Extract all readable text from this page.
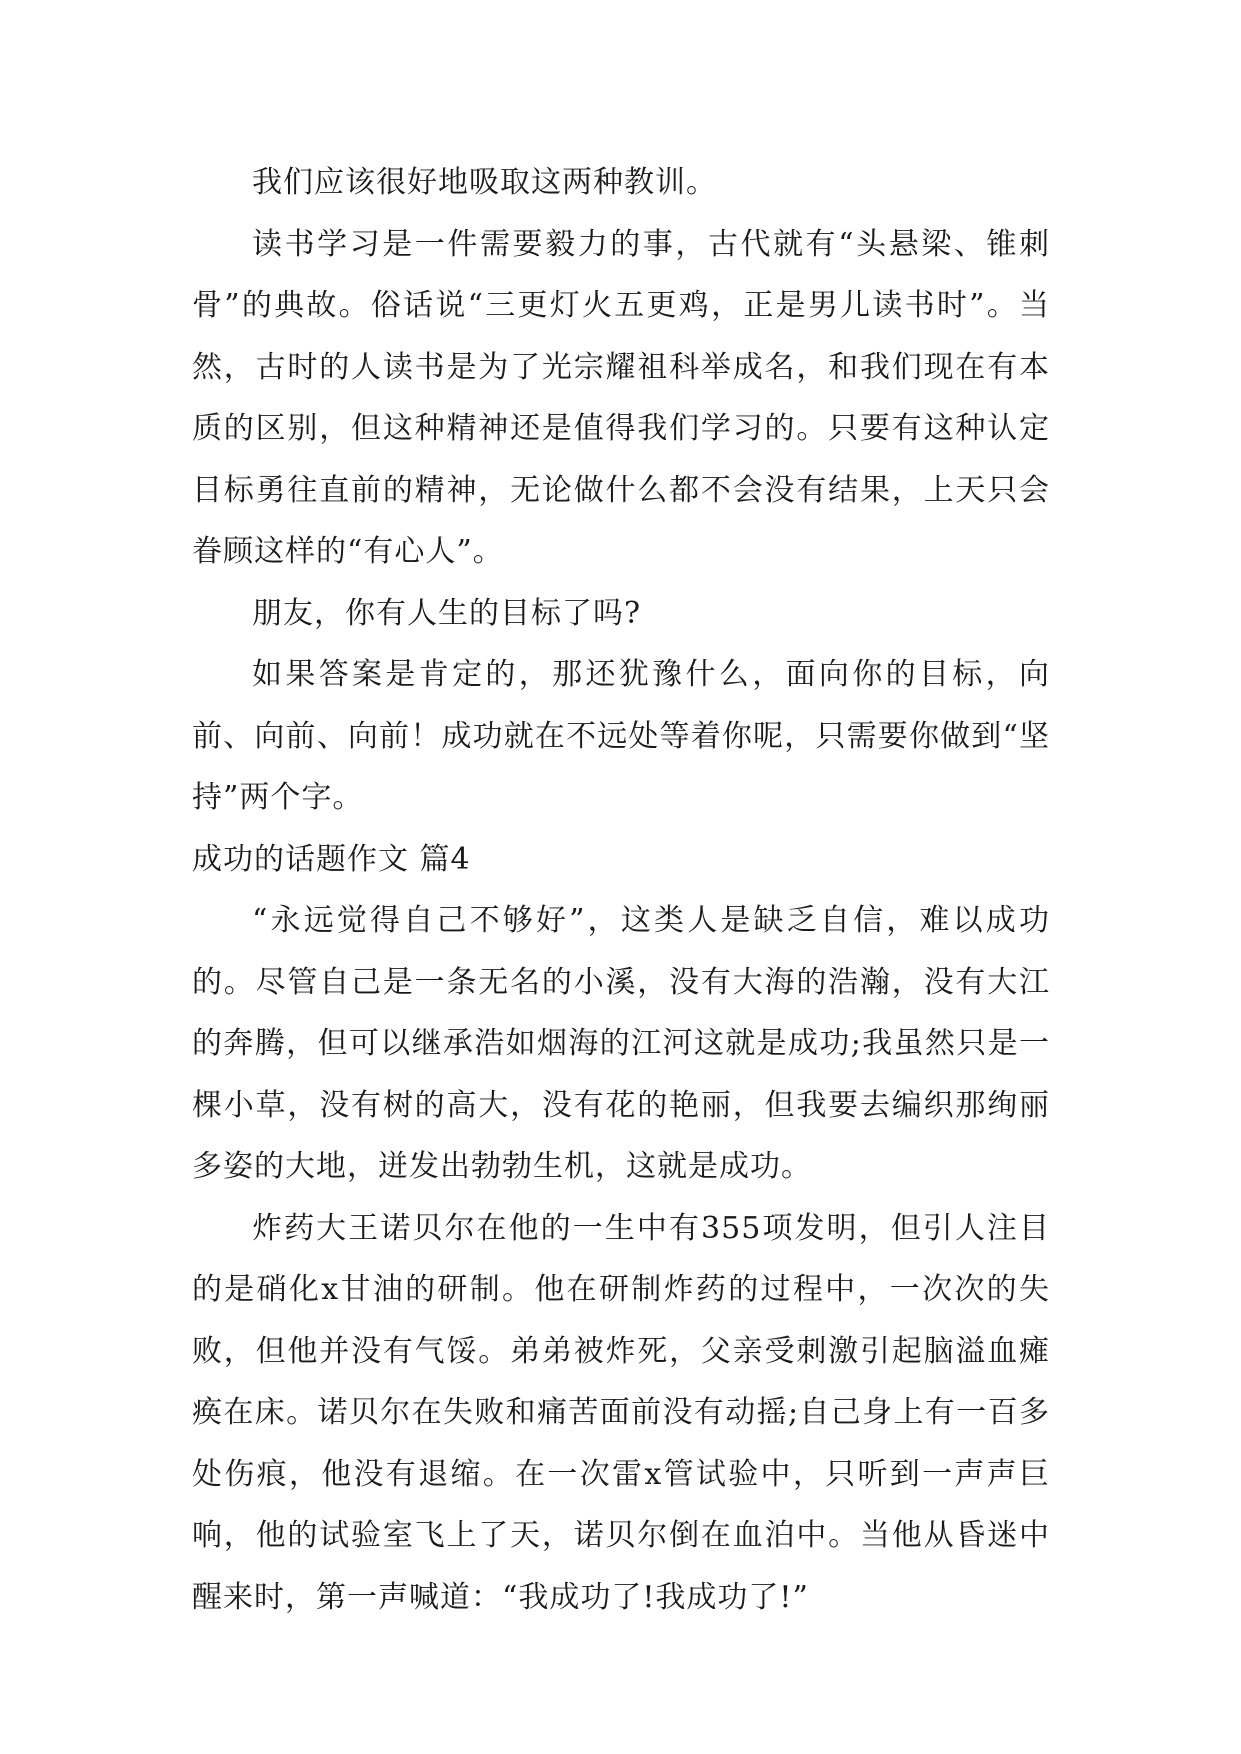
我们应该很好地吸取这两种教训。

读书学习是一件需要毅力的事，古代就有“头悬梁、锥刺骨”的典故。俗话说“三更灯火五更鸡，正是男儿读书时”。当然，古时的人读书是为了光宗耀祖科举成名，和我们现在有本质的区别，但这种精神还是值得我们学习的。只要有这种认定目标勇往直前的精神，无论做什么都不会没有结果，上天只会眷顾这样的“有心人”。

朋友，你有人生的目标了吗?

如果答案是肯定的，那还犹豫什么，面向你的目标，向前、向前、向前！成功就在不远处等着你呢，只需要你做到“坚持”两个字。

成功的话题作文 篇4

“永远觉得自己不够好”，这类人是缺乏自信，难以成功的。尽管自己是一条无名的小溪，没有大海的浩瀚，没有大江的奔腾，但可以继承浩如烟海的江河这就是成功;我虽然只是一棵小草，没有树的高大，没有花的艳丽，但我要去编织那绚丽多姿的大地，迸发出勃勃生机，这就是成功。

炸药大王诺贝尔在他的一生中有355项发明，但引人注目的是硝化x甘油的研制。他在研制炸药的过程中，一次次的失败，但他并没有气馁。弟弟被炸死，父亲受刺激引起脑溢血瘫痪在床。诺贝尔在失败和痛苦面前没有动摇;自己身上有一百多处伤痕，他没有退缩。在一次雷x管试验中，只听到一声声巨响，他的试验室飞上了天，诺贝尔倒在血泊中。当他从昏迷中醒来时，第一声喊道：“我成功了!我成功了!”
